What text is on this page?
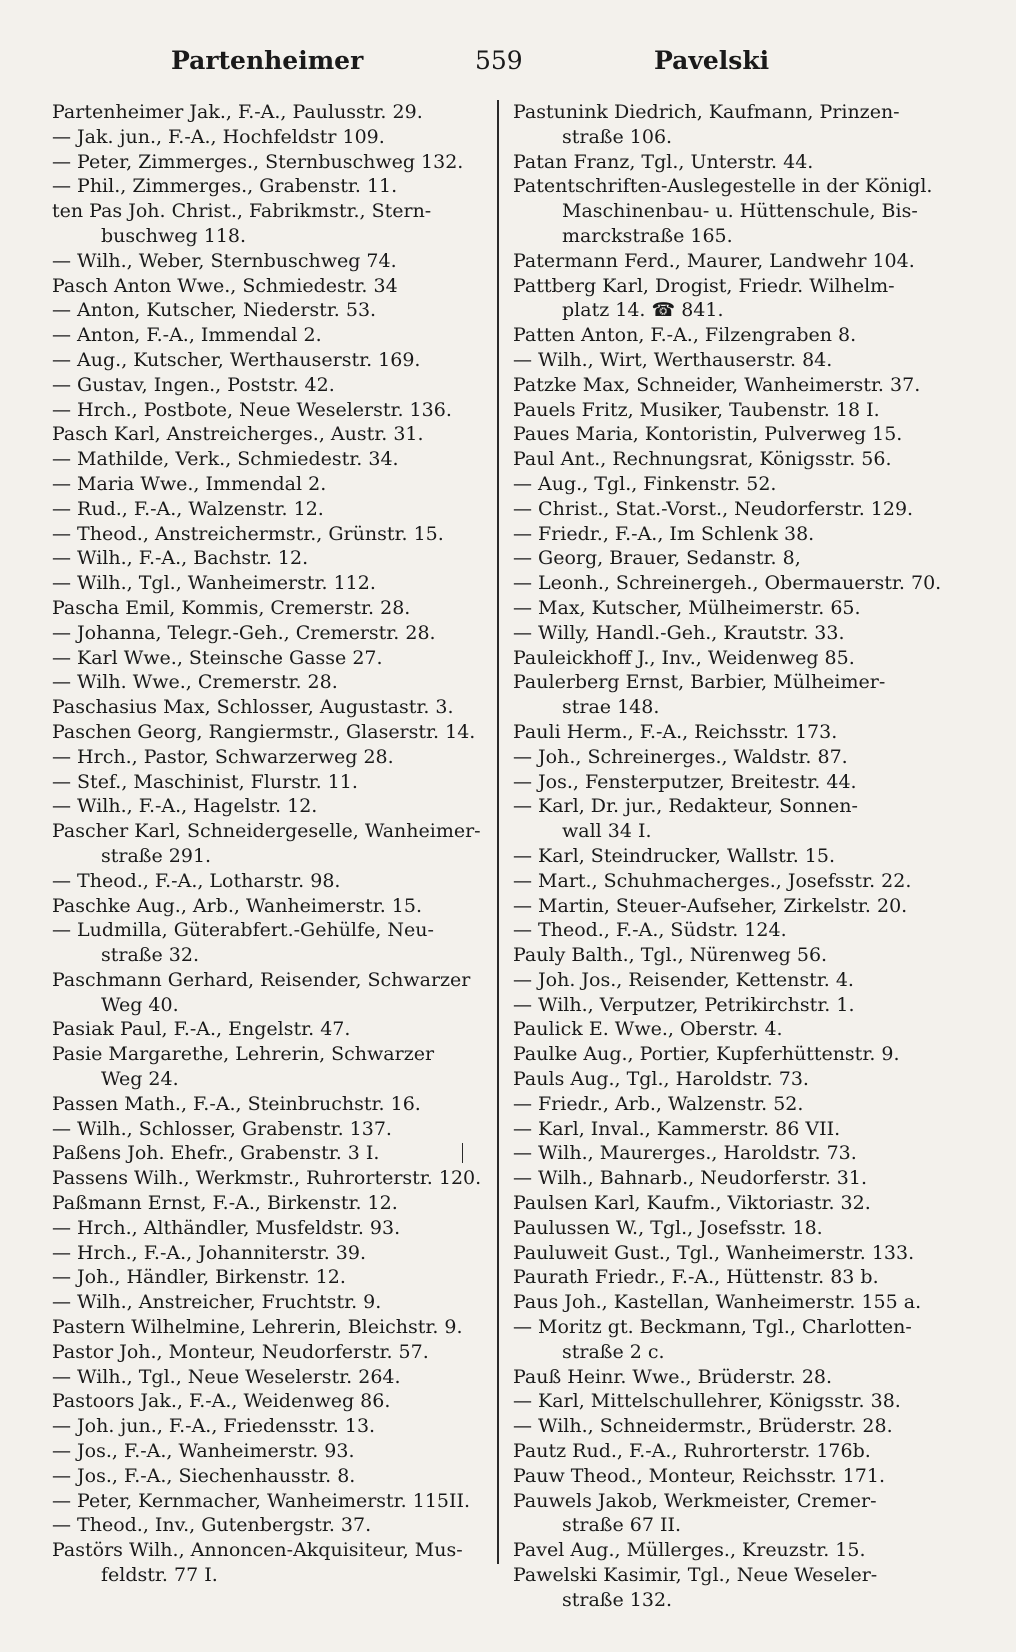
Partenheimer	559	Pavelski
Partenheimer Jak., F.-A., Paulusstr. 29.
— Jak. jun., F.-A., Hochfeldstr 109.
— Peter, Zimmerges., Sternbuschweg 132.
— Phil., Zimmerges., Grabenstr. 11.
ten Pas Joh. Christ., Fabrikmstr., Stern-
buschweg 118.
— Wilh., Weber, Sternbuschweg 74.
Pasch Anton Wwe., Schmiedestr. 34
— Anton, Kutscher, Niederstr. 53.
— Anton, F.-A., Immendal 2.
— Aug., Kutscher, Werthauserstr. 169.
— Gustav, Ingen., Poststr. 42.
— Hrch., Postbote, Neue Weselerstr. 136.
Pasch Karl, Anstreicherges., Austr. 31.
— Mathilde, Verk., Schmiedestr. 34.
— Maria Wwe., Immendal 2.
— Rud., F.-A., Walzenstr. 12.
— Theod., Anstreichermstr., Grünstr. 15.
— Wilh., F.-A., Bachstr. 12.
— Wilh., Tgl., Wanheimerstr. 112.
Pascha Emil, Kommis, Cremerstr. 28.
— Johanna, Telegr.-Geh., Cremerstr. 28.
— Karl Wwe., Steinsche Gasse 27.
— Wilh. Wwe., Cremerstr. 28.
Paschasius Max, Schlosser, Augustastr. 3.
Paschen Georg, Rangiermstr., Glaserstr. 14.
— Hrch., Pastor, Schwarzerweg 28.
— Stef., Maschinist, Flurstr. 11.
— Wilh., F.-A., Hagelstr. 12.
Pascher Karl, Schneidergeselle, Wanheimer-
straße 291.
— Theod., F.-A., Lotharstr. 98.
Paschke Aug., Arb., Wanheimerstr. 15.
— Ludmilla, Güterabfert.-Gehülfe, Neu-
straße 32.
Paschmann Gerhard, Reisender, Schwarzer
Weg 40.
Pasiak Paul, F.-A., Engelstr. 47.
Pasie Margarethe, Lehrerin, Schwarzer
Weg 24.
Passen Math., F.-A., Steinbruchstr. 16.
— Wilh., Schlosser, Grabenstr. 137.
Paßens Joh. Ehefr., Grabenstr. 3 I.
Passens Wilh., Werkmstr., Ruhrorterstr. 120.
Paßmann Ernst, F.-A., Birkenstr. 12.
— Hrch., Althändler, Musfeldstr. 93.
— Hrch., F.-A., Johanniterstr. 39.
— Joh., Händler, Birkenstr. 12.
— Wilh., Anstreicher, Fruchtstr. 9.
Pastern Wilhelmine, Lehrerin, Bleichstr. 9.
Pastor Joh., Monteur, Neudorferstr. 57.
— Wilh., Tgl., Neue Weselerstr. 264.
Pastoors Jak., F.-A., Weidenweg 86.
— Joh. jun., F.-A., Friedensstr. 13.
— Jos., F.-A., Wanheimerstr. 93.
— Jos., F.-A., Siechenhausstr. 8.
— Peter, Kernmacher, Wanheimerstr. 115II.
— Theod., Inv., Gutenbergstr. 37.
Pastörs Wilh., Annoncen-Akquisiteur, Mus-
feldstr. 77 I.
Pastunink Diedrich, Kaufmann, Prinzen-
straße 106.
Patan Franz, Tgl., Unterstr. 44.
Patentschriften-Auslegestelle in der Königl.
Maschinenbau- u. Hüttenschule, Bis-
marckstraße 165.
Patermann Ferd., Maurer, Landwehr 104.
Pattberg Karl, Drogist, Friedr. Wilhelm-
platz 14. ☎ 841.
Patten Anton, F.-A., Filzengraben 8.
— Wilh., Wirt, Werthauserstr. 84.
Patzke Max, Schneider, Wanheimerstr. 37.
Pauels Fritz, Musiker, Taubenstr. 18 I.
Paues Maria, Kontoristin, Pulverweg 15.
Paul Ant., Rechnungsrat, Königsstr. 56.
— Aug., Tgl., Finkenstr. 52.
— Christ., Stat.-Vorst., Neudorferstr. 129.
— Friedr., F.-A., Im Schlenk 38.
— Georg, Brauer, Sedanstr. 8,
— Leonh., Schreinergeh., Obermauerstr. 70.
— Max, Kutscher, Mülheimerstr. 65.
— Willy, Handl.-Geh., Krautstr. 33.
Pauleickhoff J., Inv., Weidenweg 85.
Paulerberg Ernst, Barbier, Mülheimer-
strae 148.
Pauli Herm., F.-A., Reichsstr. 173.
— Joh., Schreinerges., Waldstr. 87.
— Jos., Fensterputzer, Breitestr. 44.
— Karl, Dr. jur., Redakteur, Sonnen-
wall 34 I.
— Karl, Steindrucker, Wallstr. 15.
— Mart., Schuhmacherges., Josefsstr. 22.
— Martin, Steuer-Aufseher, Zirkelstr. 20.
— Theod., F.-A., Südstr. 124.
Pauly Balth., Tgl., Nürenweg 56.
— Joh. Jos., Reisender, Kettenstr. 4.
— Wilh., Verputzer, Petrikirchstr. 1.
Paulick E. Wwe., Oberstr. 4.
Paulke Aug., Portier, Kupferhüttenstr. 9.
Pauls Aug., Tgl., Haroldstr. 73.
— Friedr., Arb., Walzenstr. 52.
— Karl, Inval., Kammerstr. 86 VII.
— Wilh., Maurerges., Haroldstr. 73.
— Wilh., Bahnarb., Neudorferstr. 31.
Paulsen Karl, Kaufm., Viktoriastr. 32.
Paulussen W., Tgl., Josefsstr. 18.
Pauluweit Gust., Tgl., Wanheimerstr. 133.
Paurath Friedr., F.-A., Hüttenstr. 83 b.
Paus Joh., Kastellan, Wanheimerstr. 155 a.
— Moritz gt. Beckmann, Tgl., Charlotten-
straße 2 c.
Pauß Heinr. Wwe., Brüderstr. 28.
— Karl, Mittelschullehrer, Königsstr. 38.
— Wilh., Schneidermstr., Brüderstr. 28.
Pautz Rud., F.-A., Ruhrorterstr. 176b.
Pauw Theod., Monteur, Reichsstr. 171.
Pauwels Jakob, Werkmeister, Cremer-
straße 67 II.
Pavel Aug., Müllerges., Kreuzstr. 15.
Pawelski Kasimir, Tgl., Neue Weseler-
straße 132.
